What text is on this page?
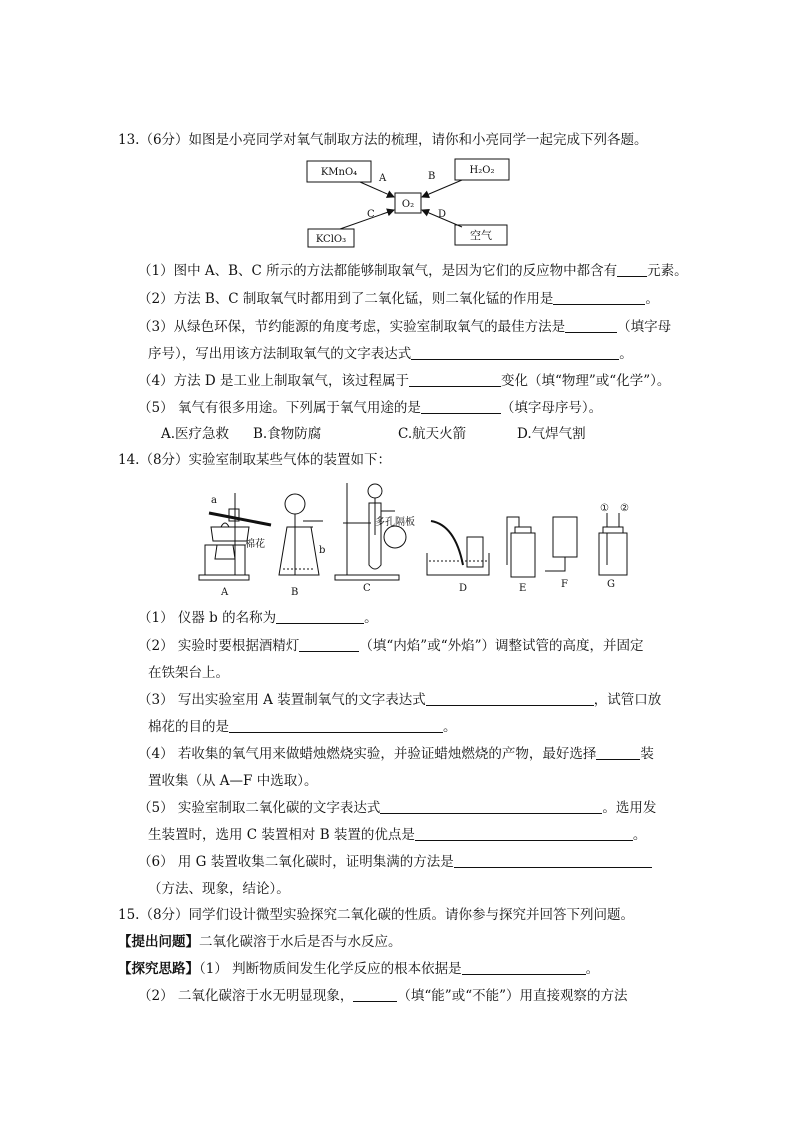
13.（6分）如图是小亮同学对氧气制取方法的梳理，请你和小亮同学一起完成下列各题。
KMnO₄	H₂O₂
O₂
KClO₃	空气
A	B
C	D
（1）图中 A、B、C 所示的方法都能够制取氧气，是因为它们的反应物中都含有 元素。
（2）方法 B、C 制取氧气时都用到了二氧化锰，则二氧化锰的作用是	。
（3）从绿色环保，节约能源的角度考虑，实验室制取氧气的最佳方法是	（填字母
序号），写出用该方法制取氧气的文字表达式	。
（4）方法 D 是工业上制取氧气，该过程属于	变化（填“物理”或“化学”）。
（5） 氧气有很多用途。下列属于氧气用途的是	（填字母序号）。
A.医疗急救 B.食物防腐	C.航天火箭	D.气焊气割
14.（8分）实验室制取某些气体的装置如下：
a
棉花
A
b
B
多孔隔板
C	D	E	F
① ②
G
（1） 仪器 b 的名称为	。
（2） 实验时要根据酒精灯	（填“内焰”或“外焰”）调整试管的高度，并固定
在铁架台上。
（3） 写出实验室用 A 装置制氧气的文字表达式	，试管口放
棉花的目的是	。
（4） 若收集的氧气用来做蜡烛燃烧实验，并验证蜡烛燃烧的产物，最好选择	装
置收集（从 A—F 中选取）。
（5） 实验室制取二氧化碳的文字表达式	。选用发
生装置时，选用 C 装置相对 B 装置的优点是	。
（6） 用 G 装置收集二氧化碳时，证明集满的方法是
（方法、现象，结论）。
15.（8分）同学们设计微型实验探究二氧化碳的性质。请你参与探究并回答下列问题。
【提出问题】二氧化碳溶于水后是否与水反应。
【探究思路】（1） 判断物质间发生化学反应的根本依据是	。
（2） 二氧化碳溶于水无明显现象，	（填“能”或“不能”）用直接观察的方法
